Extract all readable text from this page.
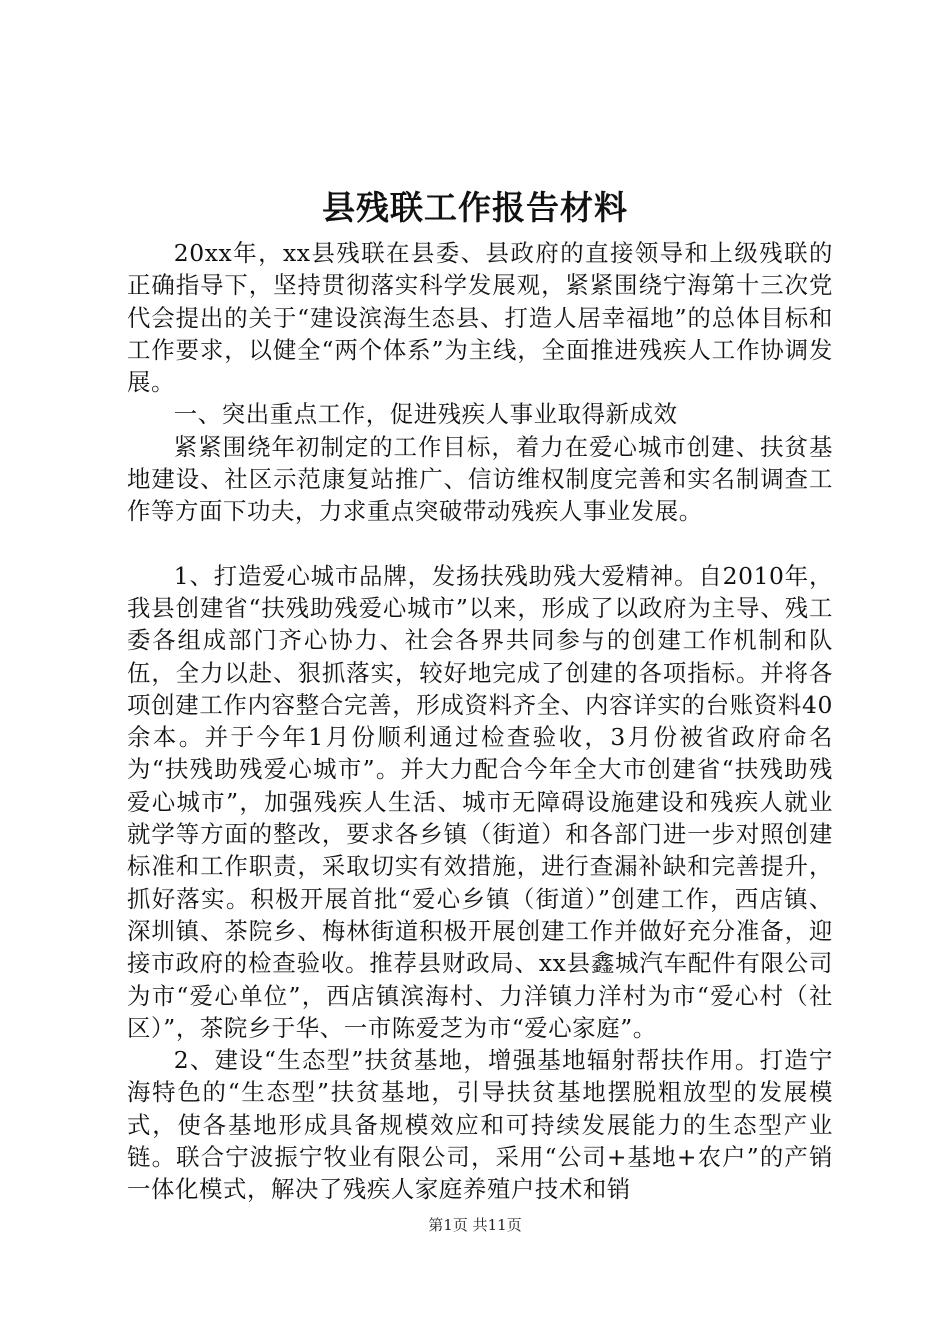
县残联工作报告材料

20xx年，xx县残联在县委、县政府的直接领导和上级残联的正确指导下，坚持贯彻落实科学发展观，紧紧围绕宁海第十三次党代会提出的关于“建设滨海生态县、打造人居幸福地”的总体目标和工作要求，以健全“两个体系”为主线，全面推进残疾人工作协调发展。

一、突出重点工作，促进残疾人事业取得新成效

紧紧围绕年初制定的工作目标，着力在爱心城市创建、扶贫基地建设、社区示范康复站推广、信访维权制度完善和实名制调查工作等方面下功夫，力求重点突破带动残疾人事业发展。

1、打造爱心城市品牌，发扬扶残助残大爱精神。自2010年，我县创建省“扶残助残爱心城市”以来，形成了以政府为主导、残工委各组成部门齐心协力、社会各界共同参与的创建工作机制和队伍，全力以赴、狠抓落实，较好地完成了创建的各项指标。并将各项创建工作内容整合完善，形成资料齐全、内容详实的台账资料40余本。并于今年1月份顺利通过检查验收，3月份被省政府命名为“扶残助残爱心城市”。并大力配合今年全大市创建省“扶残助残爱心城市”，加强残疾人生活、城市无障碍设施建设和残疾人就业就学等方面的整改，要求各乡镇（街道）和各部门进一步对照创建标准和工作职责，采取切实有效措施，进行查漏补缺和完善提升，抓好落实。积极开展首批“爱心乡镇（街道）”创建工作，西店镇、深圳镇、茶院乡、梅林街道积极开展创建工作并做好充分准备，迎接市政府的检查验收。推荐县财政局、xx县鑫城汽车配件有限公司为市“爱心单位”，西店镇滨海村、力洋镇力洋村为市“爱心村（社区）”，茶院乡于华、一市陈爱芝为市“爱心家庭”。

2、建设“生态型”扶贫基地，增强基地辐射帮扶作用。打造宁海特色的“生态型”扶贫基地，引导扶贫基地摆脱粗放型的发展模式，使各基地形成具备规模效应和可持续发展能力的生态型产业链。联合宁波振宁牧业有限公司，采用“公司+基地+农户”的产销一体化模式，解决了残疾人家庭养殖户技术和销

第1页 共11页
